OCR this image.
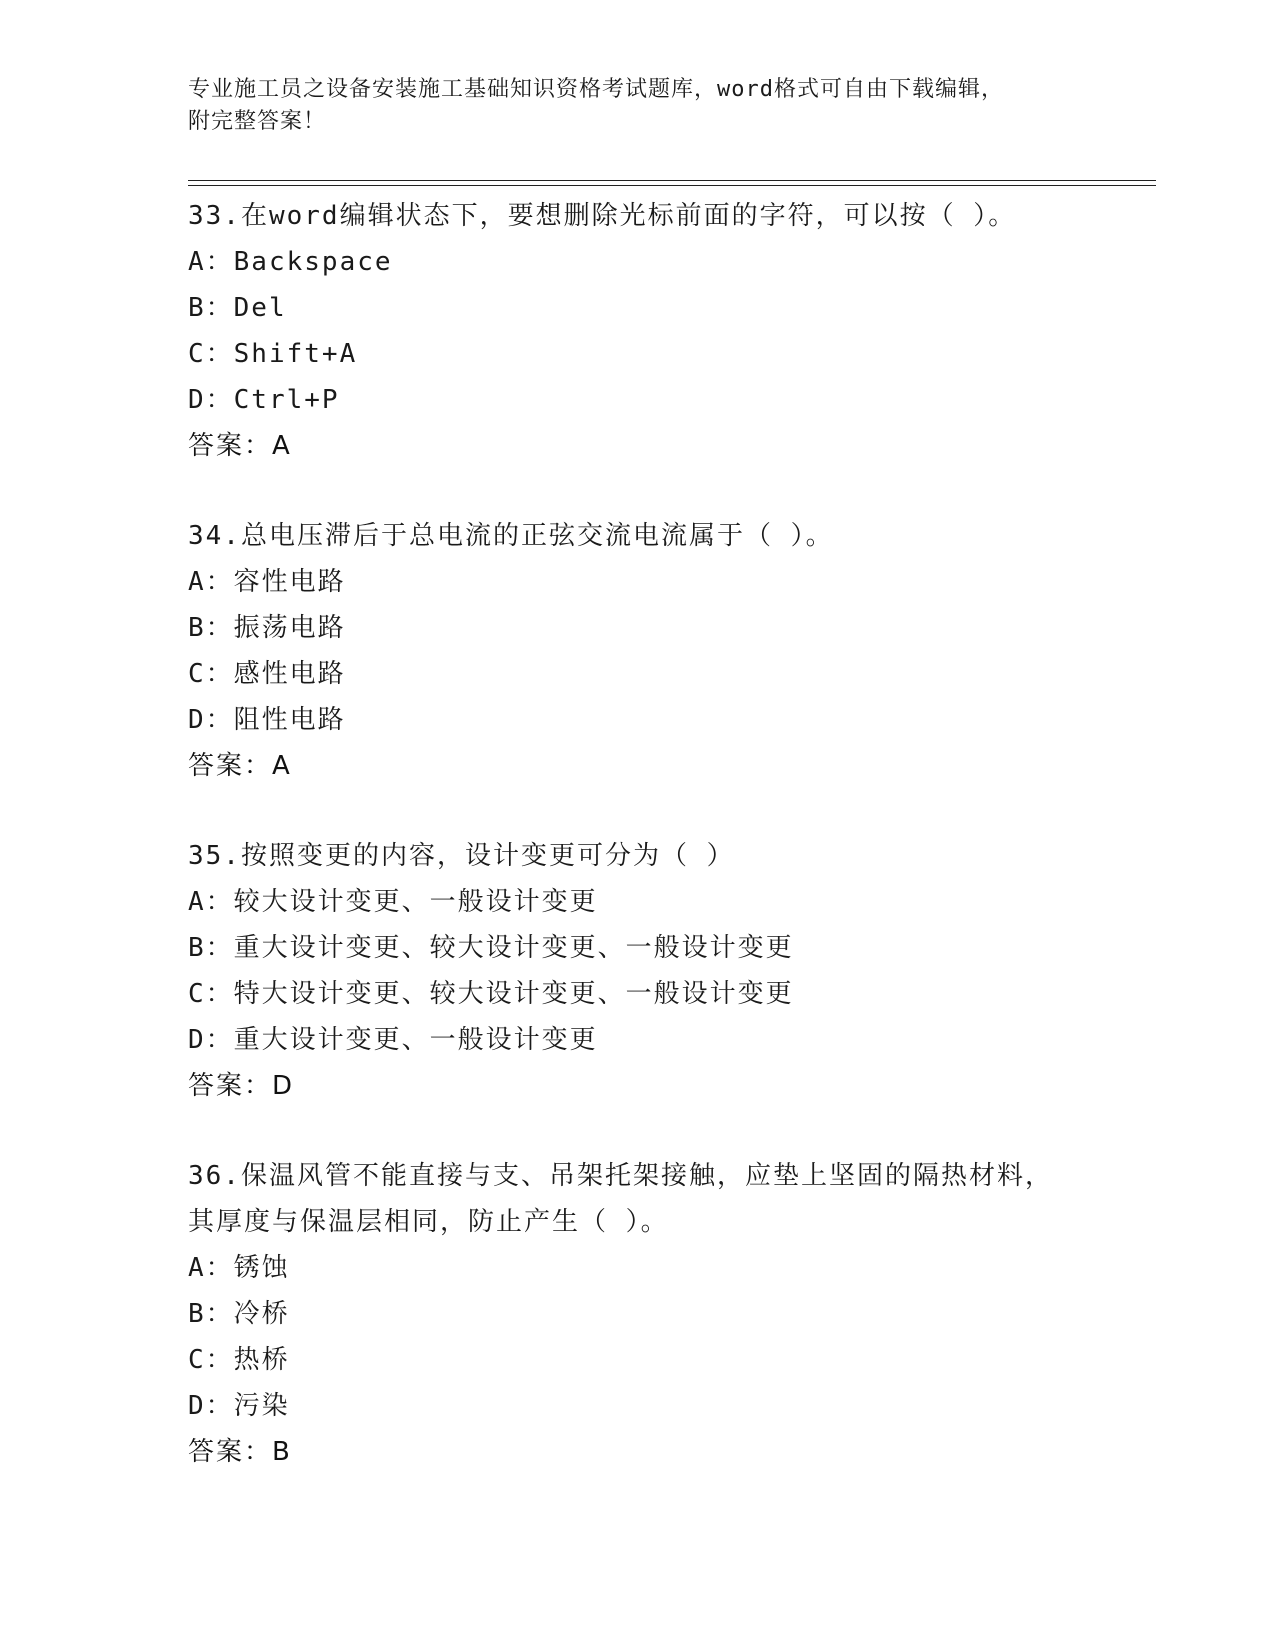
专业施工员之设备安装施工基础知识资格考试题库，word格式可自由下载编辑，
附完整答案！
33.在word编辑状态下，要想删除光标前面的字符，可以按（ ）。
A：Backspace
B：Del
C：Shift+A
D：Ctrl+P
答案：A
34.总电压滞后于总电流的正弦交流电流属于（ ）。
A：容性电路
B：振荡电路
C：感性电路
D：阻性电路
答案：A
35.按照变更的内容，设计变更可分为（ ）
A：较大设计变更、一般设计变更
B：重大设计变更、较大设计变更、一般设计变更
C：特大设计变更、较大设计变更、一般设计变更
D：重大设计变更、一般设计变更
答案：D
36.保温风管不能直接与支、吊架托架接触，应垫上坚固的隔热材料，
其厚度与保温层相同，防止产生（ ）。
A：锈蚀
B：冷桥
C：热桥
D：污染
答案：B
